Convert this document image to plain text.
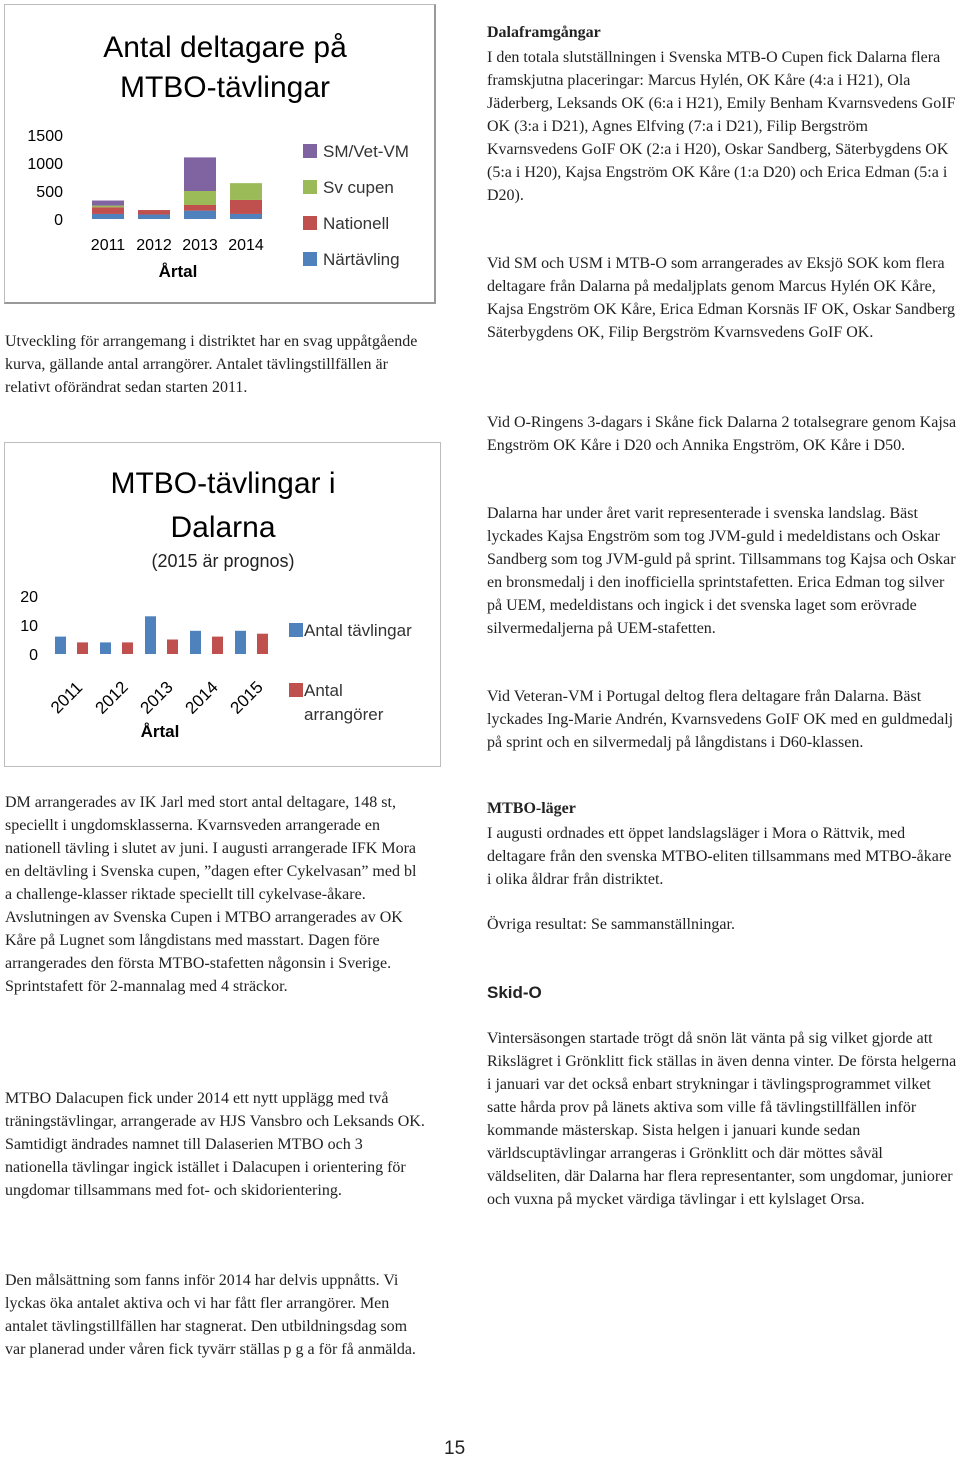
Antal deltagare på
MTBO-tävlingar
1500
1000
500
0
2011 2012 2013 2014
Årtal
SM/Vet-VM
Sv cupen
Nationell
Närtävling

Utveckling för arrangemang i distriktet har en svag uppåtgående kurva, gällande antal arrangörer. Antalet tävlingstillfällen är relativt oförändrat sedan starten 2011.

MTBO-tävlingar i
Dalarna
(2015 är prognos)
20
10
0
2011 2012 2013 2014 2015
Årtal
Antal tävlingar
Antal arrangörer

DM arrangerades av IK Jarl med stort antal deltagare, 148 st, speciellt i ungdomsklasserna. Kvarnsveden arrangerade en nationell tävling i slutet av juni. I augusti arrangerade IFK Mora en deltävling i Svenska cupen, ”dagen efter Cykelvasan” med bl a challenge-klasser riktade speciellt till cykelvase-åkare. Avslutningen av Svenska Cupen i MTBO arrangerades av OK Kåre på Lugnet som långdistans med masstart. Dagen före arrangerades den första MTBO-stafetten någonsin i Sverige. Sprintstafett för 2-mannalag med 4 sträckor.

MTBO Dalacupen fick under 2014 ett nytt upplägg med två träningstävlingar, arrangerade av HJS Vansbro och Leksands OK. Samtidigt ändrades namnet till Dalaserien MTBO och 3 nationella tävlingar ingick istället i Dalacupen i orientering för ungdomar tillsammans med fot- och skidorientering.

Den målsättning som fanns inför 2014 har delvis uppnåtts. Vi lyckas öka antalet aktiva och vi har fått fler arrangörer. Men antalet tävlingstillfällen har stagnerat. Den utbildningsdag som var planerad under våren fick tyvärr ställas p g a för få anmälda.

Dalaframgångar

I den totala slutställningen i Svenska MTB-O Cupen fick Dalarna flera framskjutna placeringar: Marcus Hylén, OK Kåre (4:a i H21), Ola Jäderberg, Leksands OK (6:a i H21), Emily Benham Kvarnsvedens GoIF OK (3:a i D21), Agnes Elfving (7:a i D21), Filip Bergström Kvarnsvedens GoIF OK (2:a i H20), Oskar Sandberg, Säterbygdens OK (5:a i H20), Kajsa Engström OK Kåre (1:a D20) och Erica Edman (5:a i D20).

Vid SM och USM i MTB-O som arrangerades av Eksjö SOK kom flera deltagare från Dalarna på medaljplats genom Marcus Hylén OK Kåre, Kajsa Engström OK Kåre, Erica Edman Korsnäs IF OK, Oskar Sandberg Säterbygdens OK, Filip Bergström Kvarnsvedens GoIF OK.

Vid O-Ringens 3-dagars i Skåne fick Dalarna 2 totalsegrare genom Kajsa Engström OK Kåre i D20 och Annika Engström, OK Kåre i D50.

Dalarna har under året varit representerade i svenska landslag. Bäst lyckades Kajsa Engström som tog JVM-guld i medeldistans och Oskar Sandberg som tog JVM-guld på sprint. Tillsammans tog Kajsa och Oskar en bronsmedalj i den inofficiella sprintstafetten. Erica Edman tog silver på UEM, medeldistans och ingick i det svenska laget som erövrade silvermedaljerna på UEM-stafetten.

Vid Veteran-VM i Portugal deltog flera deltagare från Dalarna. Bäst lyckades Ing-Marie Andrén, Kvarnsvedens GoIF OK med en guldmedalj på sprint och en silvermedalj på långdistans i D60-klassen.

MTBO-läger

I augusti ordnades ett öppet landslagsläger i Mora o Rättvik, med deltagare från den svenska MTBO-eliten tillsammans med MTBO-åkare i olika åldrar från distriktet.

Övriga resultat: Se sammanställningar.

Skid-O

Vintersäsongen startade trögt då snön lät vänta på sig vilket gjorde att Rikslägret i Grönklitt fick ställas in även denna vinter. De första helgerna i januari var det också enbart strykningar i tävlingsprogrammet vilket satte hårda prov på länets aktiva som ville få tävlingstillfällen inför kommande mästerskap. Sista helgen i januari kunde sedan världscuptävlingar arrangeras i Grönklitt och där möttes såväl väldseliten, där Dalarna har flera representanter, som ungdomar, juniorer och vuxna på mycket värdiga tävlingar i ett kylslaget Orsa.

15
